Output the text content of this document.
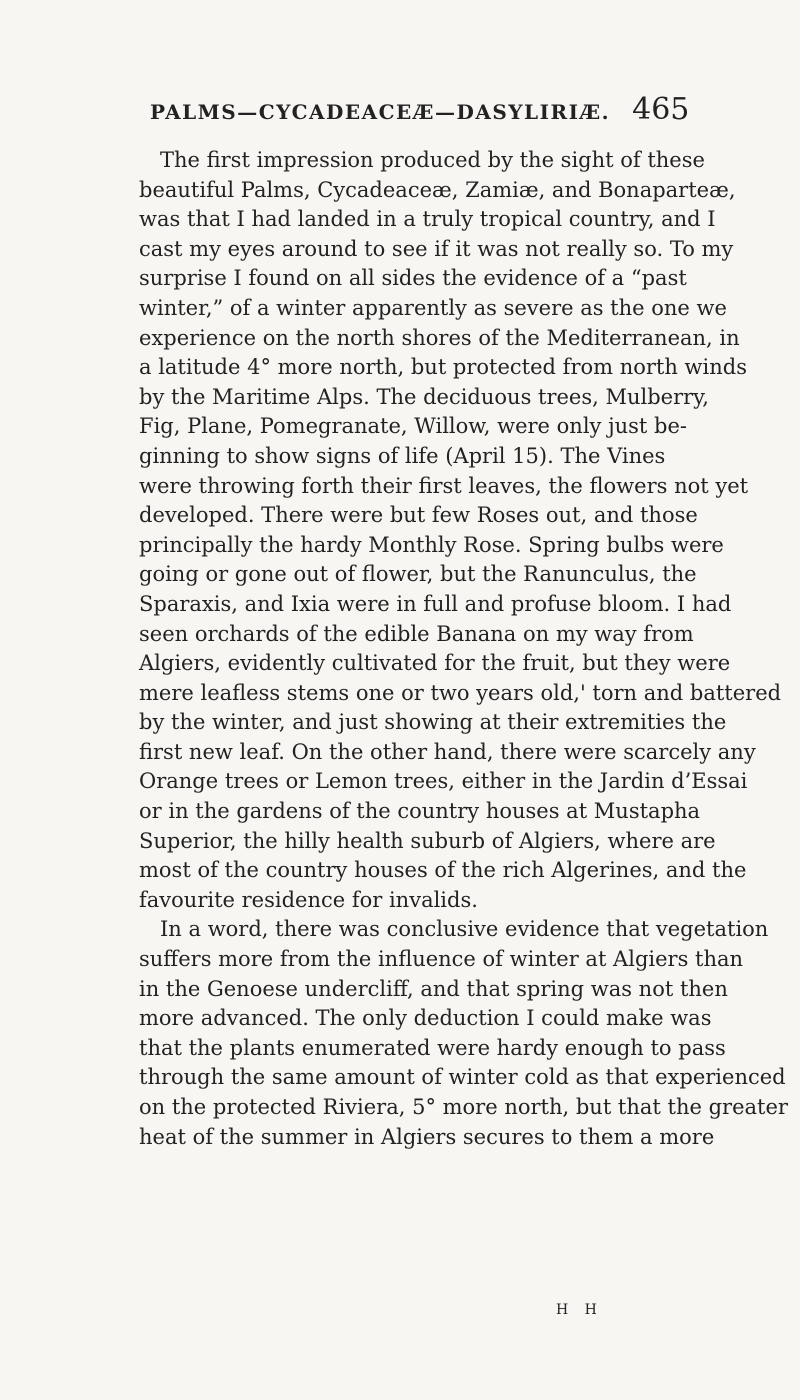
PALMS—CYCADEACEÆ—DASYLIRIÆ. 465
The first impression produced by the sight of these
beautiful Palms, Cycadeaceæ, Zamiæ, and Bonaparteæ,
was that I had landed in a truly tropical country, and I
cast my eyes around to see if it was not really so. To my
surprise I found on all sides the evidence of a “past
winter,” of a winter apparently as severe as the one we
experience on the north shores of the Mediterranean, in
a latitude 4° more north, but protected from north winds
by the Maritime Alps. The deciduous trees, Mulberry,
Fig, Plane, Pomegranate, Willow, were only just be-
ginning to show signs of life (April 15). The Vines
were throwing forth their first leaves, the flowers not yet
developed. There were but few Roses out, and those
principally the hardy Monthly Rose. Spring bulbs were
going or gone out of flower, but the Ranunculus, the
Sparaxis, and Ixia were in full and profuse bloom. I had
seen orchards of the edible Banana on my way from
Algiers, evidently cultivated for the fruit, but they were
mere leafless stems one or two years old,' torn and battered
by the winter, and just showing at their extremities the
first new leaf. On the other hand, there were scarcely any
Orange trees or Lemon trees, either in the Jardin d’Essai
or in the gardens of the country houses at Mustapha
Superior, the hilly health suburb of Algiers, where are
most of the country houses of the rich Algerines, and the
favourite residence for invalids.
In a word, there was conclusive evidence that vegetation
suffers more from the influence of winter at Algiers than
in the Genoese undercliff, and that spring was not then
more advanced. The only deduction I could make was
that the plants enumerated were hardy enough to pass
through the same amount of winter cold as that experienced
on the protected Riviera, 5° more north, but that the greater
heat of the summer in Algiers secures to them a more
H H
